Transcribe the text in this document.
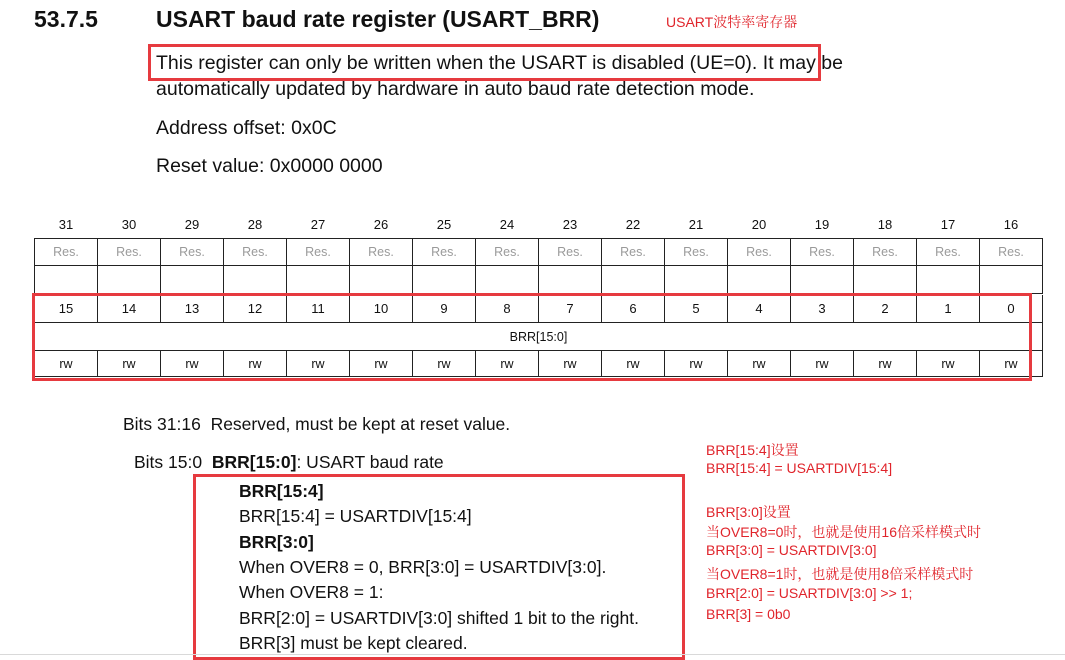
53.7.5	USART baud rate register (USART_BRR)	USART波特率寄存器
This register can only be written when the USART is disabled (UE=0). It may be
automatically updated by hardware in auto baud rate detection mode.
Address offset: 0x0C
Reset value: 0x0000 0000
31	30	29	28	27	26	25	24	23	22	21	20	19	18	17	16
Res.	Res.	Res.	Res.	Res.	Res.	Res.	Res.	Res.	Res.	Res.	Res.	Res.	Res.	Res.	Res.

15	14	13	12	11	10	9	8	7	6	5	4	3	2	1	0
BRR[15:0]															
rw	rw	rw	rw	rw	rw	rw	rw	rw	rw	rw	rw	rw	rw	rw	rw
Bits 31:16 Reserved, must be kept at reset value.
Bits 15:0 BRR[15:0]: USART baud rate
BRR[15:4]
BRR[15:4] = USARTDIV[15:4]
BRR[3:0]
When OVER8 = 0, BRR[3:0] = USARTDIV[3:0].
When OVER8 = 1:
BRR[2:0] = USARTDIV[3:0] shifted 1 bit to the right.
BRR[3] must be kept cleared.
BRR[15:4]设置
BRR[15:4] = USARTDIV[15:4]
BRR[3:0]设置
当OVER8=0时，也就是使用16倍采样模式时
BRR[3:0] = USARTDIV[3:0]
当OVER8=1时，也就是使用8倍采样模式时
BRR[2:0] = USARTDIV[3:0] >> 1;
BRR[3] = 0b0
